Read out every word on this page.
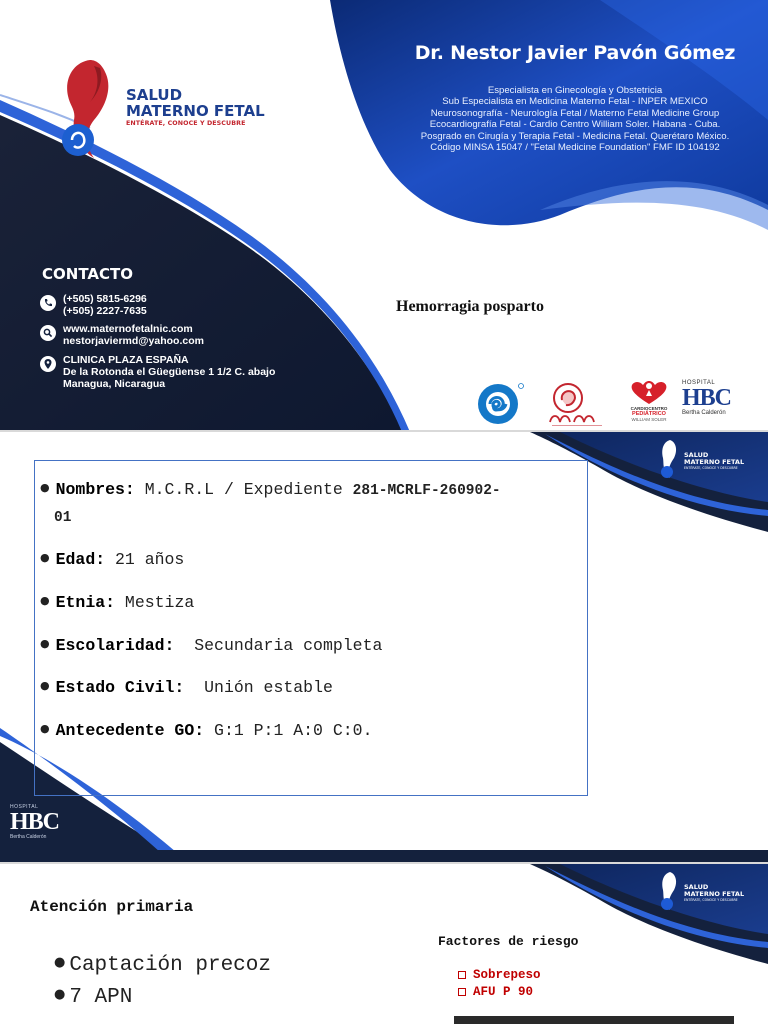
SALUD
MATERNO FETAL
ENTÉRATE, CONOCE Y DESCUBRE
Dr. Nestor Javier Pavón Gómez
Especialista en Ginecología y Obstetricia
Sub Especialista en Medicina Materno Fetal - INPER MEXICO
Neurosonografía - Neurología Fetal / Materno Fetal Medicine Group
Ecocardiografía Fetal - Cardio Centro William Soler. Habana - Cuba.
Posgrado en Cirugía y Terapia Fetal - Medicina Fetal. Querétaro México.
Código MINSA 15047 / "Fetal Medicine Foundation" FMF ID 104192
CONTACTO
(+505) 5815-6296
(+505) 2227-7635
www.maternofetalnic.com
nestorjaviermd@yahoo.com
CLINICA PLAZA ESPAÑA
De la Rotonda el Güegüense 1 1/2 C. abajo
Managua, Nicaragua
Hemorragia posparto
CARDIOCENTRO
PEDIÁTRICO
WILLIAM SOLER
HOSPITAL
HBC
Bertha Calderón
SALUD
MATERNO FETAL
ENTÉRATE, CONOCE Y DESCUBRE
● Nombres: M.C.R.L / Expediente 281-MCRLF-260902-
01
● Edad: 21 años
● Etnia: Mestiza
● Escolaridad:  Secundaria completa
● Estado Civil:  Unión estable
● Antecedente GO: G:1 P:1 A:0 C:0.
HOSPITAL
HBC
Bertha Calderón
SALUD
MATERNO FETAL
ENTÉRATE, CONOCE Y DESCUBRE
Atención primaria
● Captación precoz
● 7 APN
Factores de riesgo
Sobrepeso
AFU P 90
